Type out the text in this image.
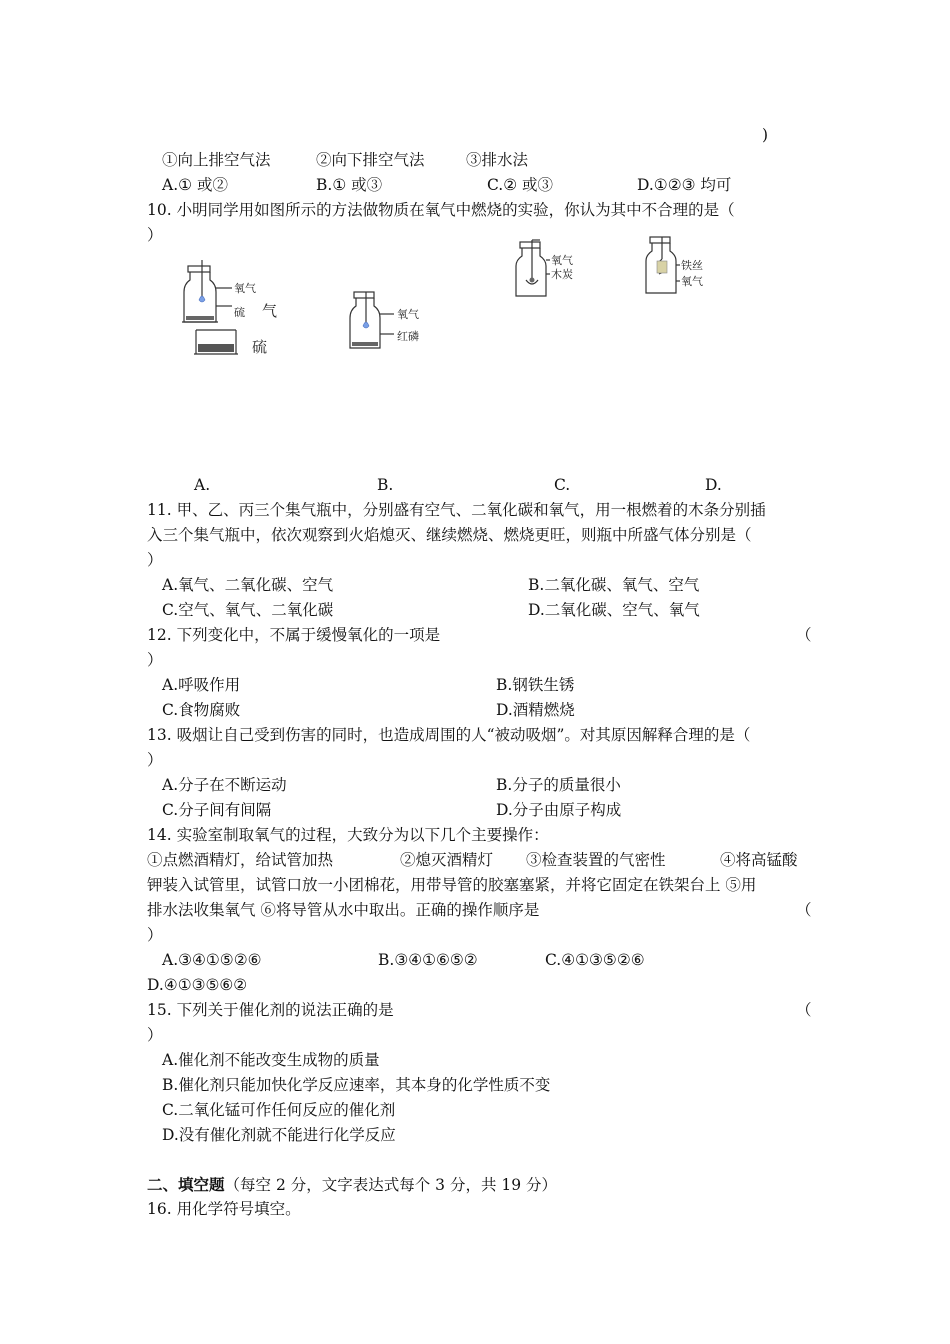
)
①向上排空气法	②向下排空气法	③排水法
A.① 或②	B.① 或③	C.② 或③	D.①②③ 均可
10. 小明同学用如图所示的方法做物质在氧气中燃烧的实验，你认为其中不合理的是（
）
氧气
硫 气
硫
氧气
红磷
氧气
木炭
铁丝
氧气
A.	B.	C.	D.
11. 甲、乙、丙三个集气瓶中，分别盛有空气、二氧化碳和氧气，用一根燃着的木条分别插
入三个集气瓶中，依次观察到火焰熄灭、继续燃烧、燃烧更旺，则瓶中所盛气体分别是（
）
A.氧气、二氧化碳、空气	B.二氧化碳、氧气、空气
C.空气、氧气、二氧化碳	D.二氧化碳、空气、氧气
12. 下列变化中，不属于缓慢氧化的一项是	（
）
A.呼吸作用	B.钢铁生锈
C.食物腐败	D.酒精燃烧
13. 吸烟让自己受到伤害的同时，也造成周围的人“被动吸烟”。对其原因解释合理的是（
）
A.分子在不断运动	B.分子的质量很小
C.分子间有间隔	D.分子由原子构成
14. 实验室制取氧气的过程，大致分为以下几个主要操作：
①点燃酒精灯，给试管加热	②熄灭酒精灯 ③检查装置的气密性	④将高锰酸
钾装入试管里，试管口放一小团棉花，用带导管的胶塞塞紧，并将它固定在铁架台上 ⑤用
排水法收集氧气 ⑥将导管从水中取出。正确的操作顺序是	（
）
A.③④①⑤②⑥	B.③④①⑥⑤②	C.④①③⑤②⑥
D.④①③⑤⑥②
15. 下列关于催化剂的说法正确的是	（
）
A.催化剂不能改变生成物的质量
B.催化剂只能加快化学反应速率，其本身的化学性质不变
C.二氧化锰可作任何反应的催化剂
D.没有催化剂就不能进行化学反应
二、填空题（每空 2 分，文字表达式每个 3 分，共 19 分）
16. 用化学符号填空。
